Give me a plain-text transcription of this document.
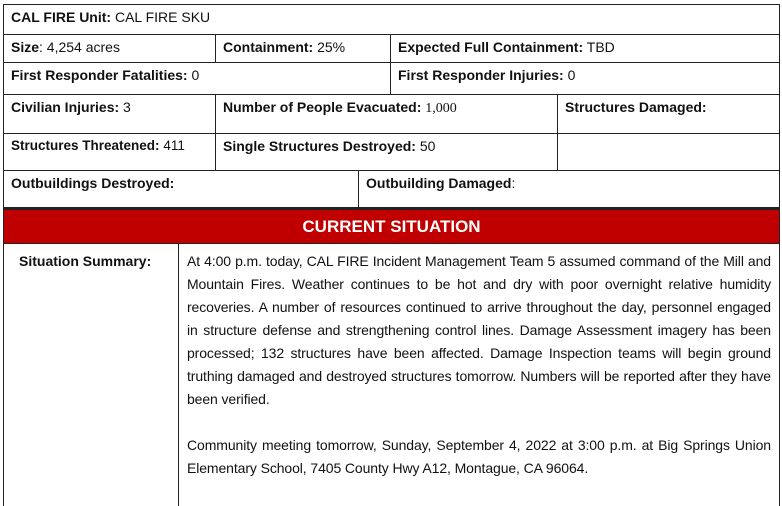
CAL FIRE Unit: CAL FIRE SKU
Size: 4,254 acres	Containment: 25%	Expected Full Containment: TBD
First Responder Fatalities: 0	First Responder Injuries: 0
Civilian Injuries: 3	Number of People Evacuated: 1,000	Structures Damaged:
Structures Threatened: 411	Single Structures Destroyed: 50
Outbuildings Destroyed:	Outbuilding Damaged:
CURRENT SITUATION
Situation Summary:	At 4:00 p.m. today, CAL FIRE Incident Management Team 5 assumed command of the Mill and Mountain Fires. Weather continues to be hot and dry with poor overnight relative humidity recoveries. A number of resources continued to arrive throughout the day, personnel engaged in structure defense and strengthening control lines. Damage Assessment imagery has been processed; 132 structures have been affected. Damage Inspection teams will begin ground truthing damaged and destroyed structures tomorrow. Numbers will be reported after they have been verified.

Community meeting tomorrow, Sunday, September 4, 2022 at 3:00 p.m. at Big Springs Union Elementary School, 7405 County Hwy A12, Montague, CA 96064.
